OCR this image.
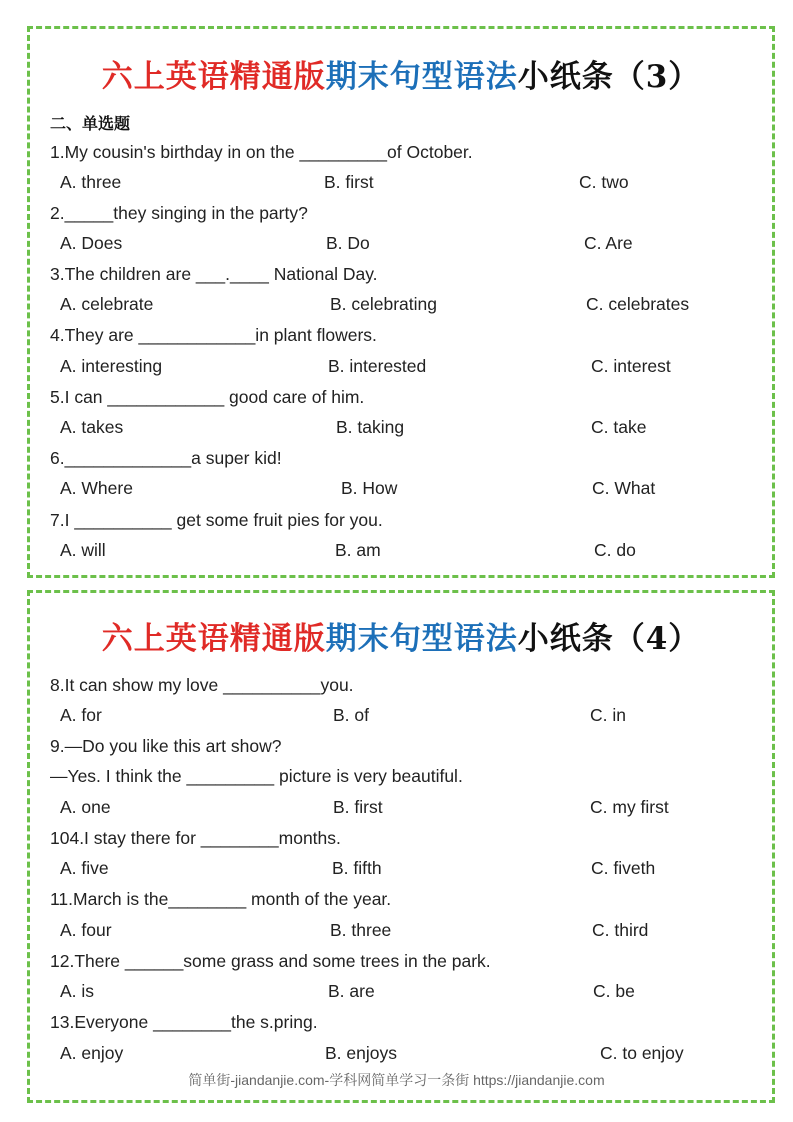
六上英语精通版期末句型语法小纸条（3）
二、单选题
1.My cousin's birthday in on the _________of October.
A. three	B. first	C. two
2._____they singing in the party?
A. Does	B. Do	C. Are
3.The children are ___.____ National Day.
A. celebrate	B. celebrating	C. celebrates
4.They are ____________in plant flowers.
A. interesting	B. interested	C. interest
5.I can ____________ good care of him.
A. takes	B. taking	C. take
6._____________a super kid!
A. Where	B. How	C. What
7.I __________ get some fruit pies for you.
A. will	B. am	C. do
六上英语精通版期末句型语法小纸条（4）
8.It can show my love __________you.
A. for	B. of	C. in
9.—Do you like this art show?
—Yes. I think the _________ picture is very beautiful.
A. one	B. first	C. my first
104.I stay there for ________months.
A. five	B. fifth	C. fiveth
11.March is the________ month of the year.
A. four	B. three	C. third
12.There ______some grass and some trees in the park.
A. is	B. are	C. be
13.Everyone ________the s.pring.
A. enjoy	B. enjoys	C. to enjoy
简单街-jiandanjie.com-学科网简单学习一条街 https://jiandanjie.com
